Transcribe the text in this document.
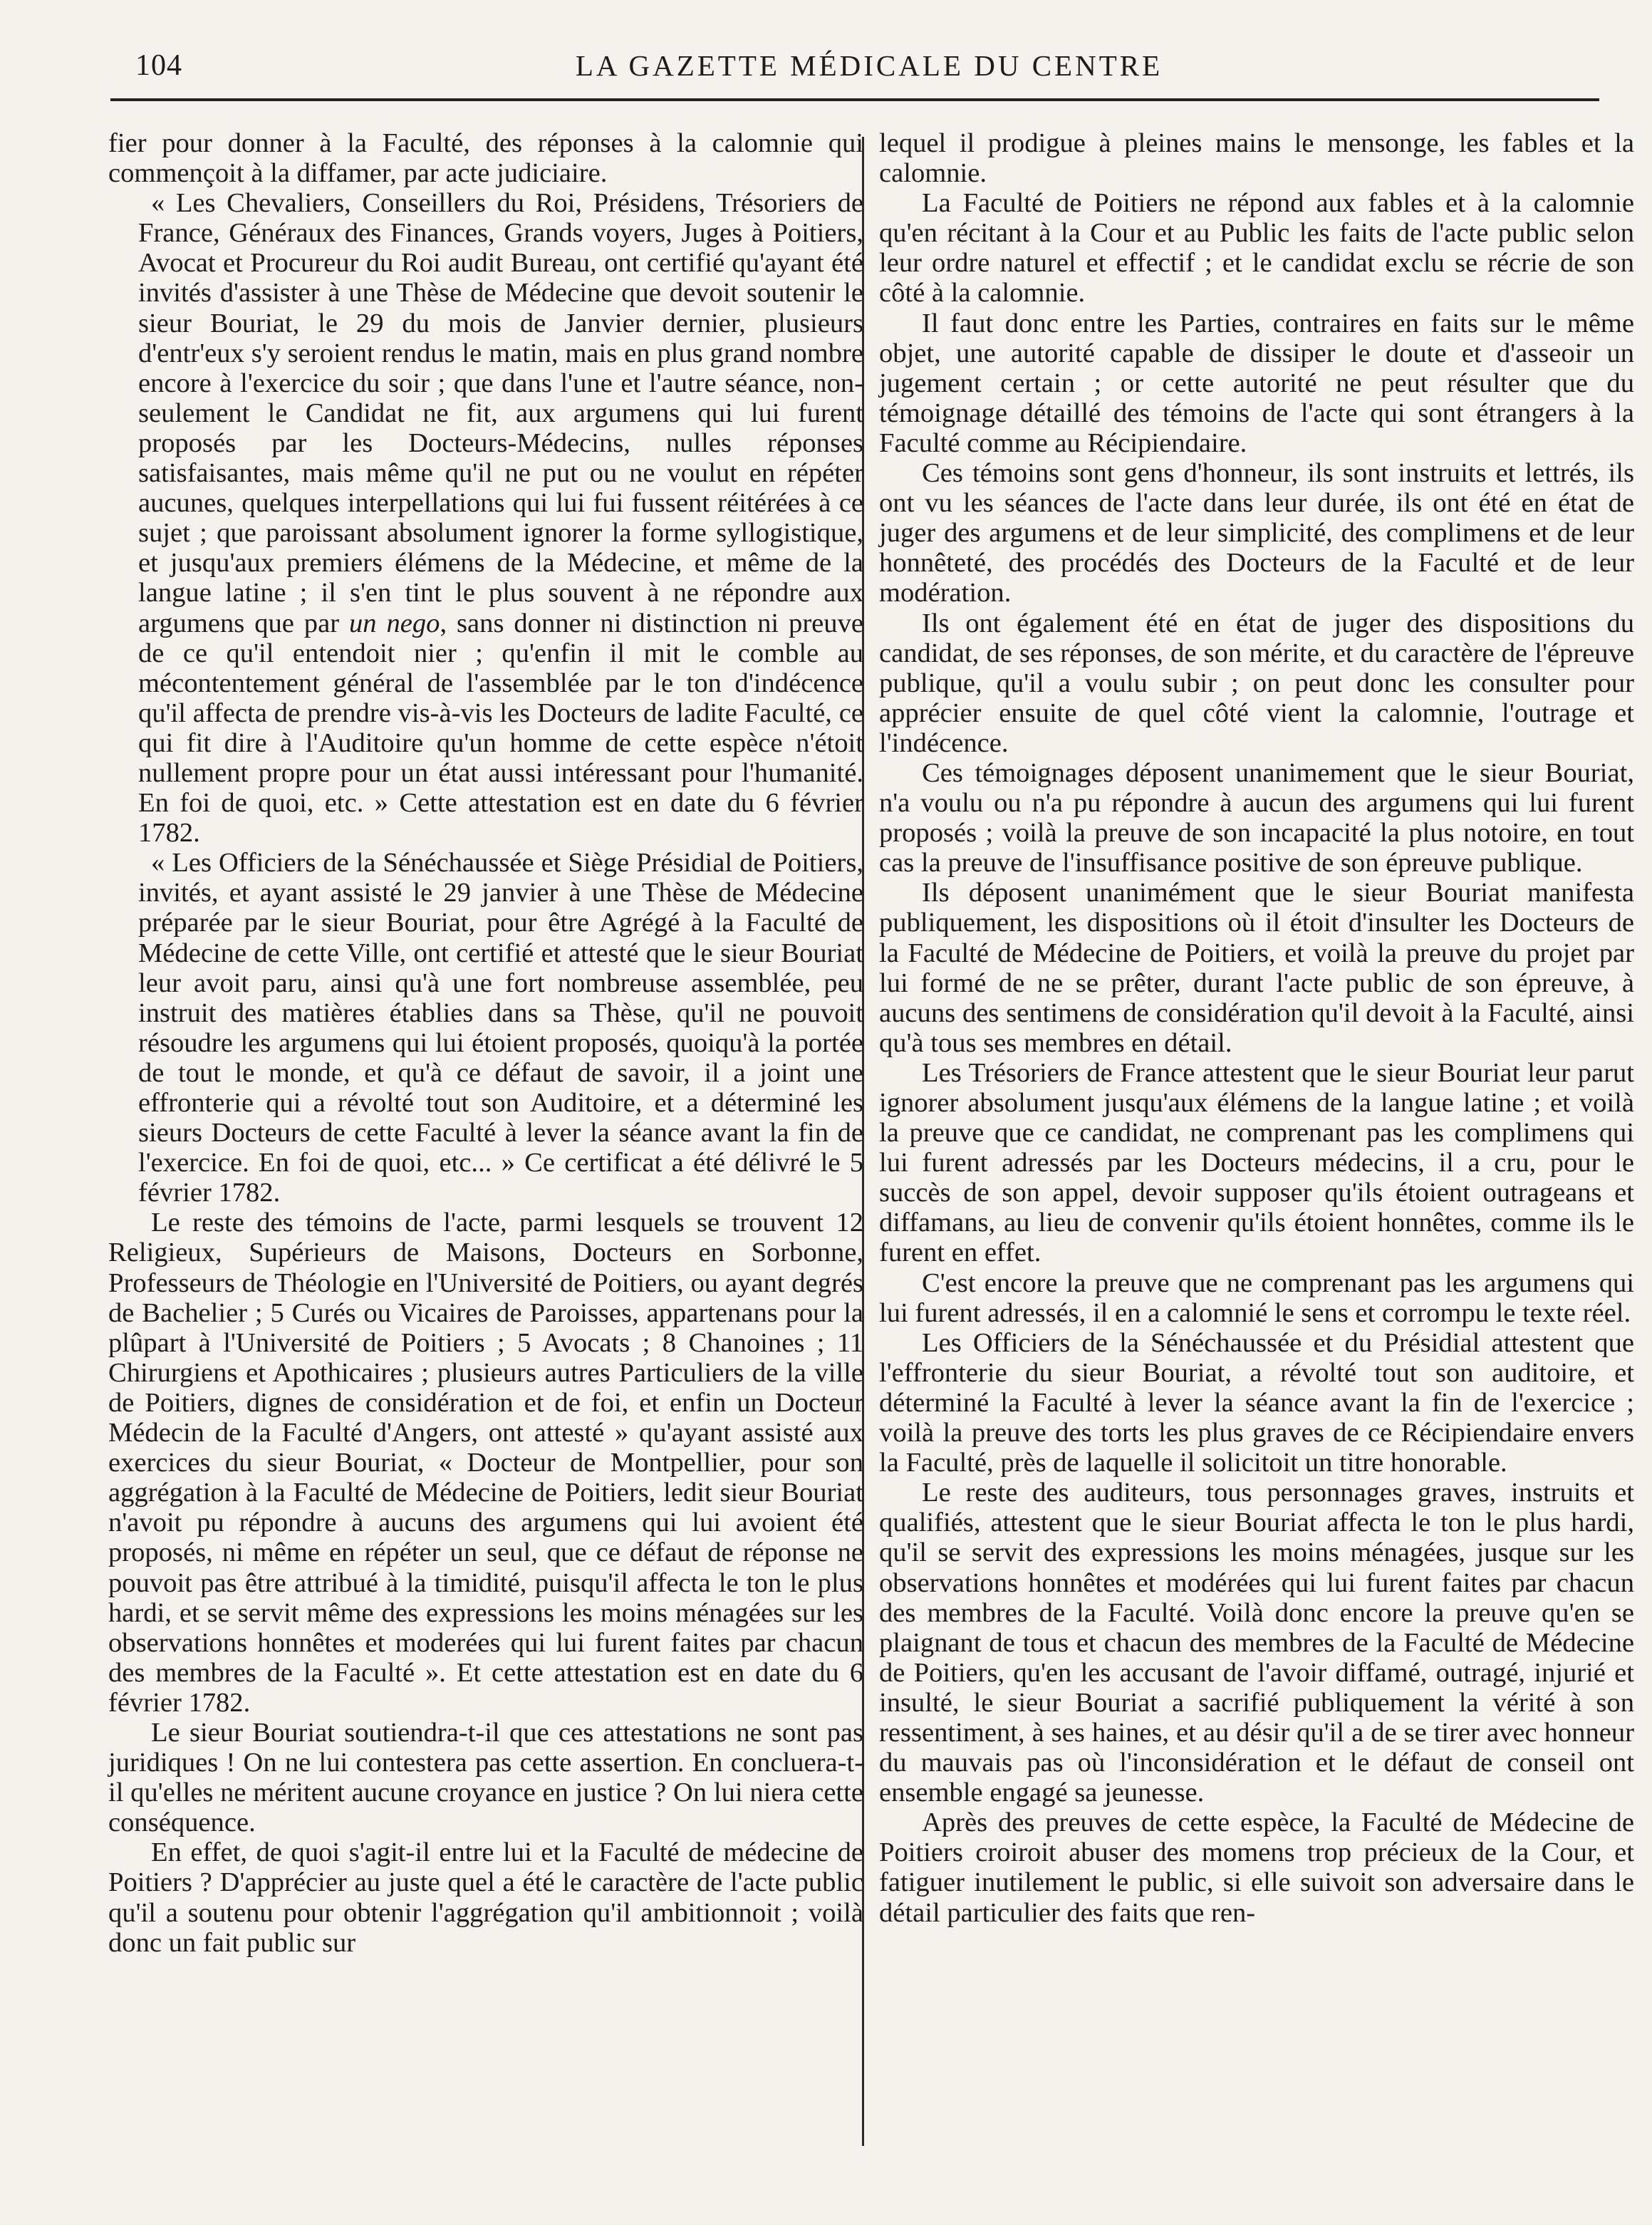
104	LA GAZETTE MÉDICALE DU CENTRE

fier pour donner à la Faculté, des réponses à la calomnie qui commençoit à la diffamer, par acte judiciaire.

« Les Chevaliers, Conseillers du Roi, Présidens, Trésoriers de France, Généraux des Finances, Grands voyers, Juges à Poitiers, Avocat et Procureur du Roi audit Bureau, ont certifié qu'ayant été invités d'assister à une Thèse de Médecine que devoit soutenir le sieur Bouriat, le 29 du mois de Janvier dernier, plusieurs d'entr'eux s'y seroient rendus le matin, mais en plus grand nombre encore à l'exercice du soir ; que dans l'une et l'autre séance, non-seulement le Candidat ne fit, aux argumens qui lui furent proposés par les Docteurs-Médecins, nulles réponses satisfaisantes, mais même qu'il ne put ou ne voulut en répéter aucunes, quelques interpellations qui lui fui fussent réitérées à ce sujet ; que paroissant absolument ignorer la forme syllogistique, et jusqu'aux premiers élémens de la Médecine, et même de la langue latine ; il s'en tint le plus souvent à ne répondre aux argumens que par un nego, sans donner ni distinction ni preuve de ce qu'il entendoit nier ; qu'enfin il mit le comble au mécontentement général de l'assemblée par le ton d'indécence qu'il affecta de prendre vis-à-vis les Docteurs de ladite Faculté, ce qui fit dire à l'Auditoire qu'un homme de cette espèce n'étoit nullement propre pour un état aussi intéressant pour l'humanité. En foi de quoi, etc. » Cette attestation est en date du 6 février 1782.

« Les Officiers de la Sénéchaussée et Siège Présidial de Poitiers, invités, et ayant assisté le 29 janvier à une Thèse de Médecine préparée par le sieur Bouriat, pour être Agrégé à la Faculté de Médecine de cette Ville, ont certifié et attesté que le sieur Bouriat leur avoit paru, ainsi qu'à une fort nombreuse assemblée, peu instruit des matières établies dans sa Thèse, qu'il ne pouvoit résoudre les argumens qui lui étoient proposés, quoiqu'à la portée de tout le monde, et qu'à ce défaut de savoir, il a joint une effronterie qui a révolté tout son Auditoire, et a déterminé les sieurs Docteurs de cette Faculté à lever la séance avant la fin de l'exercice. En foi de quoi, etc... » Ce certificat a été délivré le 5 février 1782.

Le reste des témoins de l'acte, parmi lesquels se trouvent 12 Religieux, Supérieurs de Maisons, Docteurs en Sorbonne, Professeurs de Théologie en l'Université de Poitiers, ou ayant degrés de Bachelier ; 5 Curés ou Vicaires de Paroisses, appartenans pour la plûpart à l'Université de Poitiers ; 5 Avocats ; 8 Chanoines ; 11 Chirurgiens et Apothicaires ; plusieurs autres Particuliers de la ville de Poitiers, dignes de considération et de foi, et enfin un Docteur Médecin de la Faculté d'Angers, ont attesté » qu'ayant assisté aux exercices du sieur Bouriat, « Docteur de Montpellier, pour son aggrégation à la Faculté de Médecine de Poitiers, ledit sieur Bouriat n'avoit pu répondre à aucuns des argumens qui lui avoient été proposés, ni même en répéter un seul, que ce défaut de réponse ne pouvoit pas être attribué à la timidité, puisqu'il affecta le ton le plus hardi, et se servit même des expressions les moins ménagées sur les observations honnêtes et moderées qui lui furent faites par chacun des membres de la Faculté ». Et cette attestation est en date du 6 février 1782.

Le sieur Bouriat soutiendra-t-il que ces attestations ne sont pas juridiques ! On ne lui contestera pas cette assertion. En concluera-t-il qu'elles ne méritent aucune croyance en justice ? On lui niera cette conséquence.

En effet, de quoi s'agit-il entre lui et la Faculté de médecine de Poitiers ? D'apprécier au juste quel a été le caractère de l'acte public qu'il a soutenu pour obtenir l'aggrégation qu'il ambitionnoit ; voilà donc un fait public sur

lequel il prodigue à pleines mains le mensonge, les fables et la calomnie.

La Faculté de Poitiers ne répond aux fables et à la calomnie qu'en récitant à la Cour et au Public les faits de l'acte public selon leur ordre naturel et effectif ; et le candidat exclu se récrie de son côté à la calomnie.

Il faut donc entre les Parties, contraires en faits sur le même objet, une autorité capable de dissiper le doute et d'asseoir un jugement certain ; or cette autorité ne peut résulter que du témoignage détaillé des témoins de l'acte qui sont étrangers à la Faculté comme au Récipiendaire.

Ces témoins sont gens d'honneur, ils sont instruits et lettrés, ils ont vu les séances de l'acte dans leur durée, ils ont été en état de juger des argumens et de leur simplicité, des complimens et de leur honnêteté, des procédés des Docteurs de la Faculté et de leur modération.

Ils ont également été en état de juger des dispositions du candidat, de ses réponses, de son mérite, et du caractère de l'épreuve publique, qu'il a voulu subir ; on peut donc les consulter pour apprécier ensuite de quel côté vient la calomnie, l'outrage et l'indécence.

Ces témoignages déposent unanimement que le sieur Bouriat, n'a voulu ou n'a pu répondre à aucun des argumens qui lui furent proposés ; voilà la preuve de son incapacité la plus notoire, en tout cas la preuve de l'insuffisance positive de son épreuve publique.

Ils déposent unanimément que le sieur Bouriat manifesta publiquement, les dispositions où il étoit d'insulter les Docteurs de la Faculté de Médecine de Poitiers, et voilà la preuve du projet par lui formé de ne se prêter, durant l'acte public de son épreuve, à aucuns des sentimens de considération qu'il devoit à la Faculté, ainsi qu'à tous ses membres en détail.

Les Trésoriers de France attestent que le sieur Bouriat leur parut ignorer absolument jusqu'aux élémens de la langue latine ; et voilà la preuve que ce candidat, ne comprenant pas les complimens qui lui furent adressés par les Docteurs médecins, il a cru, pour le succès de son appel, devoir supposer qu'ils étoient outrageans et diffamans, au lieu de convenir qu'ils étoient honnêtes, comme ils le furent en effet.

C'est encore la preuve que ne comprenant pas les argumens qui lui furent adressés, il en a calomnié le sens et corrompu le texte réel.

Les Officiers de la Sénéchaussée et du Présidial attestent que l'effronterie du sieur Bouriat, a révolté tout son auditoire, et déterminé la Faculté à lever la séance avant la fin de l'exercice ; voilà la preuve des torts les plus graves de ce Récipiendaire envers la Faculté, près de laquelle il solicitoit un titre honorable.

Le reste des auditeurs, tous personnages graves, instruits et qualifiés, attestent que le sieur Bouriat affecta le ton le plus hardi, qu'il se servit des expressions les moins ménagées, jusque sur les observations honnêtes et modérées qui lui furent faites par chacun des membres de la Faculté. Voilà donc encore la preuve qu'en se plaignant de tous et chacun des membres de la Faculté de Médecine de Poitiers, qu'en les accusant de l'avoir diffamé, outragé, injurié et insulté, le sieur Bouriat a sacrifié publiquement la vérité à son ressentiment, à ses haines, et au désir qu'il a de se tirer avec honneur du mauvais pas où l'inconsidération et le défaut de conseil ont ensemble engagé sa jeunesse.

Après des preuves de cette espèce, la Faculté de Médecine de Poitiers croiroit abuser des momens trop précieux de la Cour, et fatiguer inutilement le public, si elle suivoit son adversaire dans le détail particulier des faits que ren-
